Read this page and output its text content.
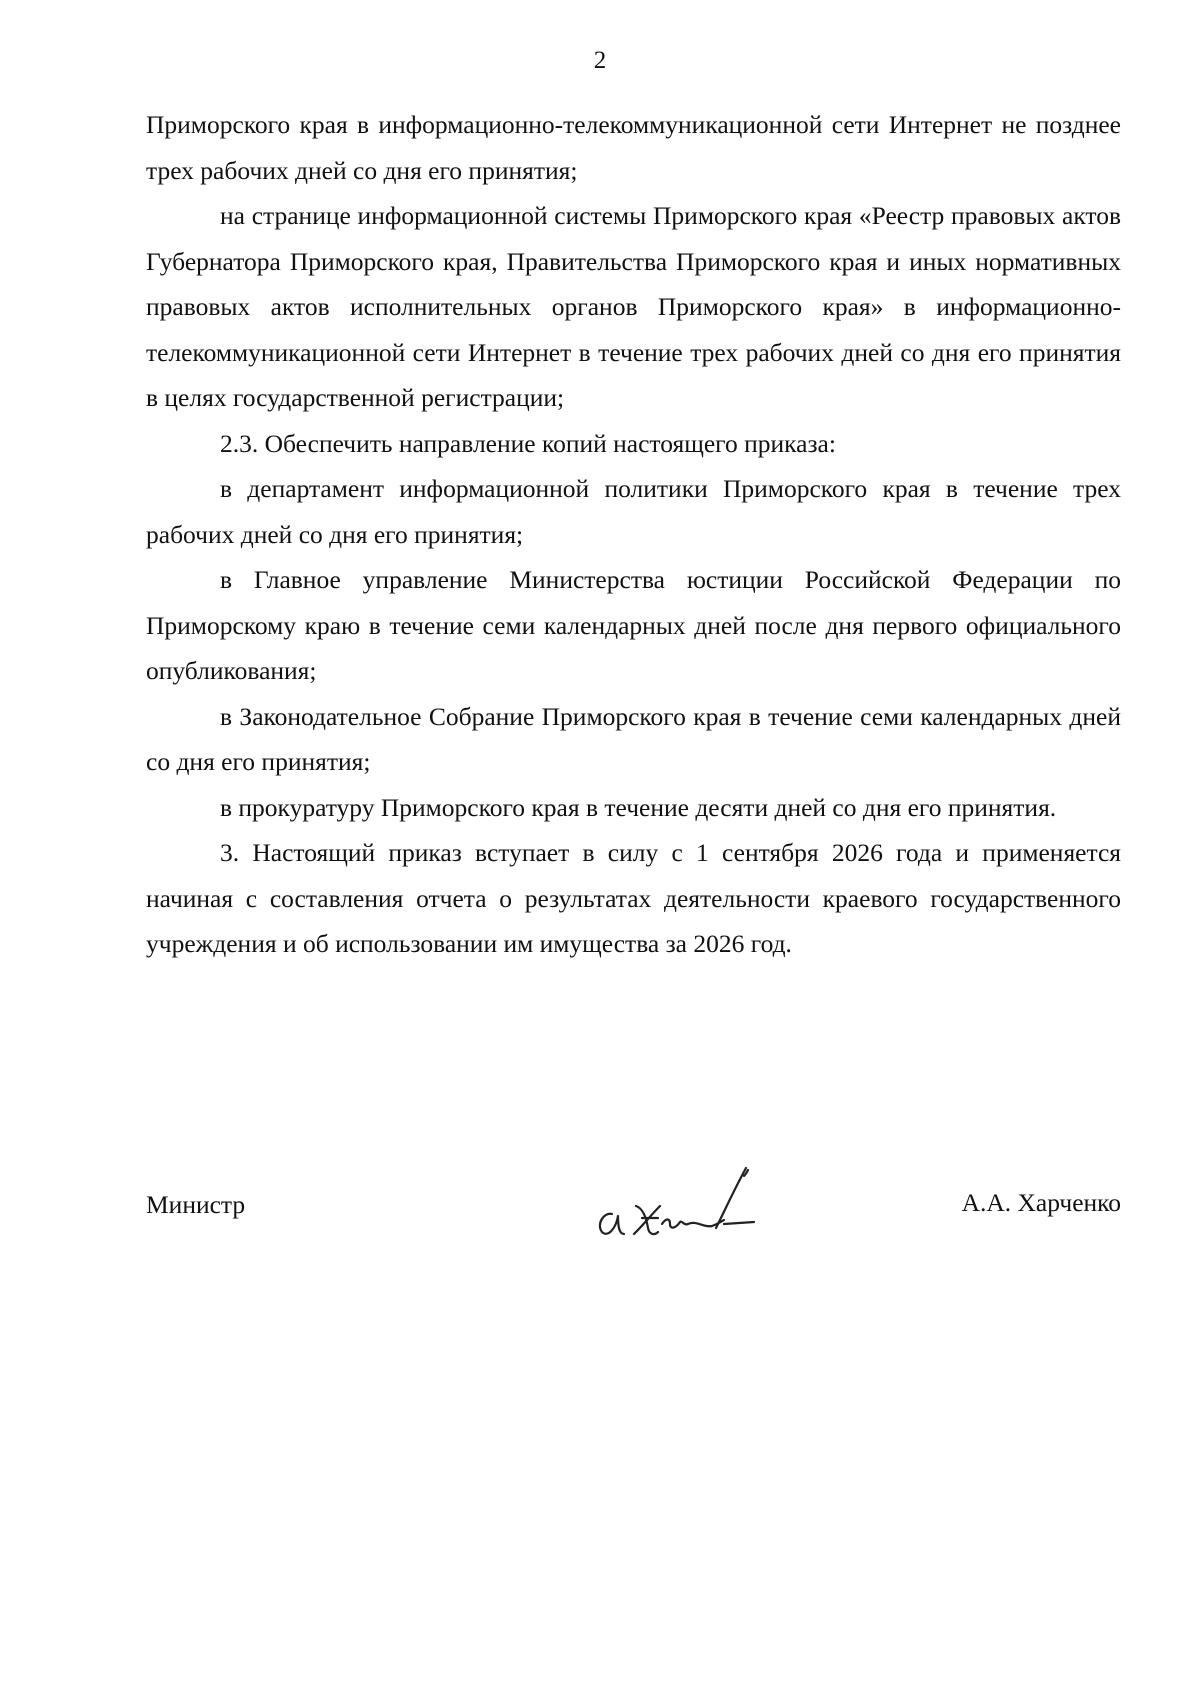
2

Приморского края в информационно-телекоммуникационной сети Интернет не позднее трех рабочих дней со дня его принятия;

на странице информационной системы Приморского края «Реестр правовых актов Губернатора Приморского края, Правительства Приморского края и иных нормативных правовых актов исполнительных органов Приморского края» в информационно-телекоммуникационной сети Интернет в течение трех рабочих дней со дня его принятия в целях государственной регистрации;

2.3. Обеспечить направление копий настоящего приказа:

в департамент информационной политики Приморского края в течение трех рабочих дней со дня его принятия;

в Главное управление Министерства юстиции Российской Федерации по Приморскому краю в течение семи календарных дней после дня первого официального опубликования;

в Законодательное Собрание Приморского края в течение семи календарных дней со дня его принятия;

в прокуратуру Приморского края в течение десяти дней со дня его принятия.

3. Настоящий приказ вступает в силу с 1 сентября 2026 года и применяется начиная с составления отчета о результатах деятельности краевого государственного учреждения и об использовании им имущества за 2026 год.

Министр	А.А. Харченко
